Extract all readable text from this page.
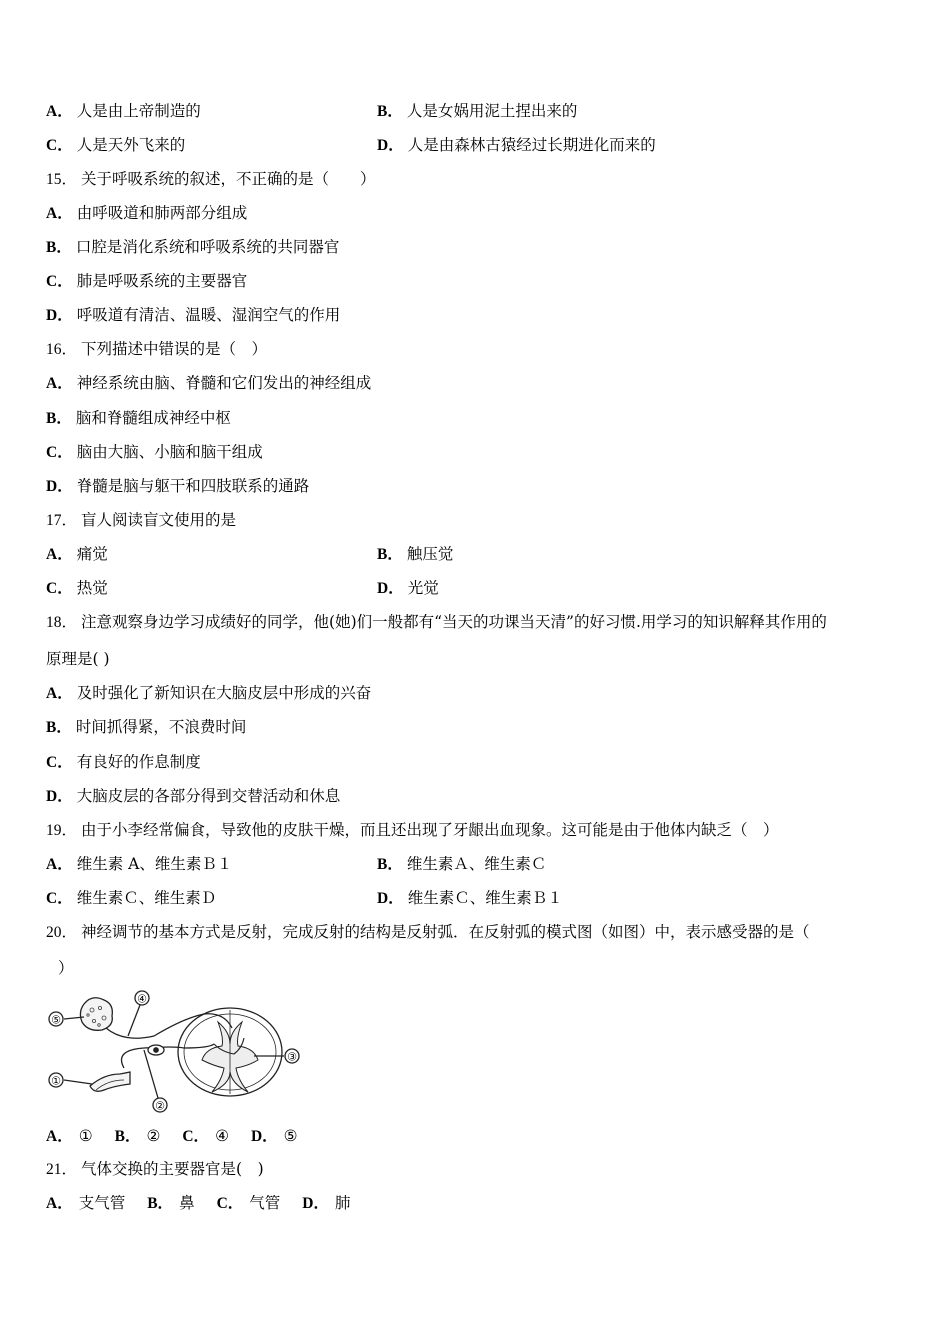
A． 人是由上帝制造的	B． 人是女娲用泥土捏出来的
C． 人是天外飞来的	D． 人是由森林古猿经过长期进化而来的
15． 关于呼吸系统的叙述，不正确的是（　　）
A． 由呼吸道和肺两部分组成
B． 口腔是消化系统和呼吸系统的共同器官
C． 肺是呼吸系统的主要器官
D． 呼吸道有清洁、温暖、湿润空气的作用
16． 下列描述中错误的是（　）
A． 神经系统由脑、脊髓和它们发出的神经组成
B． 脑和脊髓组成神经中枢
C． 脑由大脑、小脑和脑干组成
D． 脊髓是脑与躯干和四肢联系的通路
17． 盲人阅读盲文使用的是
A． 痛觉	B． 触压觉
C． 热觉	D． 光觉
18． 注意观察身边学习成绩好的同学，他(她)们一般都有“当天的功课当天清”的好习惯.用学习的知识解释其作用的
原理是( )
A． 及时强化了新知识在大脑皮层中形成的兴奋
B． 时间抓得紧，不浪费时间
C． 有良好的作息制度
D． 大脑皮层的各部分得到交替活动和休息
19． 由于小李经常偏食，导致他的皮肤干燥，而且还出现了牙龈出血现象。这可能是由于他体内缺乏（　）
A． 维生素 A、维生素Ｂ１	B． 维生素Ａ、维生素Ｃ
C． 维生素Ｃ、维生素Ｄ	D． 维生素Ｃ、维生素Ｂ１
20． 神经调节的基本方式是反射，完成反射的结构是反射弧．在反射弧的模式图（如图）中，表示感受器的是（
）
⑤
④
③
①
②
A． ① B． ② C． ④ D． ⑤
21． 气体交换的主要器官是(　)
A． 支气管 B． 鼻 C． 气管 D． 肺
